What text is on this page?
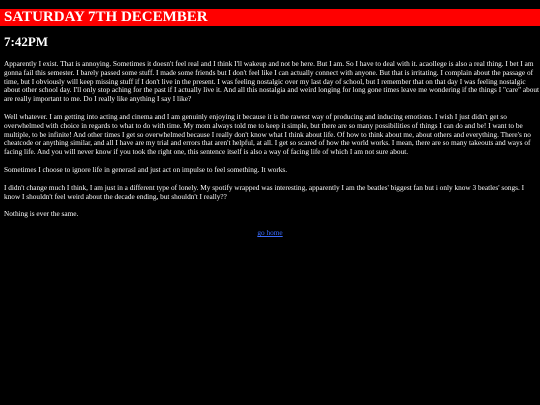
SATURDAY 7TH DECEMBER
7:42PM

Apparently I exist. That is annoying. Sometimes it doesn't feel real and I think I'll wakeup and not be here. But I am. So I have to deal with it. acaollege is also a real thing. I bet I am gonna fail this semester. I barely passed some stuff. I made some friends but I don't feel like I can actually connect with anyone. But that is irritating. I complain about the passage of time, but I obviously will keep missing stuff if I don't live in the present. I was feeling nostalgic over my last day of school, but I remember that on that day I was feeling nostalgic about other school day. I'll only stop aching for the past if I actually live it. And all this nostalgia and weird longing for long gone times leave me wondering if the things I "care" about are really important to me. Do I really like anything I say I like?

Well whatever. I am getting into acting and cinema and I am genuinly enjoying it because it is the rawest way of producing and inducing emotions. I wish I just didn't get so overwhelmed with choice in regards to what to do with time. My mom always told me to keep it simple, but there are so many possibilities of things I can do and be! I want to be multiple, to be infinite! And other times I get so overwhelmed because I really don't know what I think about life. Of how to think about me, about others and everything. There's no cheatcode or anything similar, and all I have are my trial and errors that aren't helpful, at all. I get so scared of how the world works. I mean, there are so many takeouts and ways of facing life. And you will never know if you took the right one, this sentence itself is also a way of facing life of which I am not sure about.

Sometimes I choose to ignore life in generasl and just act on impulse to feel something. It works.

I didn't change much I think, I am just in a different type of lonely. My spotify wrapped was interesting, apparently I am the beatles' biggest fan but i only know 3 beatles' songs. I know I shouldn't feel weird about the decade ending, but shouldn't I really??

Nothing is ever the same.

go home
